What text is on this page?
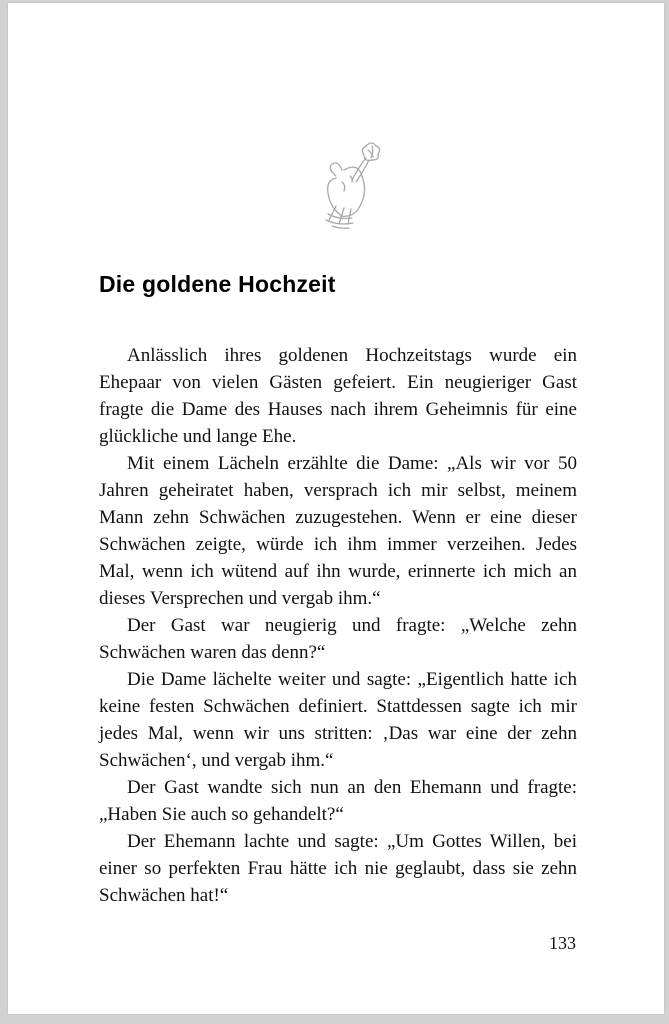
Die goldene Hochzeit

Anlässlich ihres goldenen Hochzeitstags wurde ein Ehepaar von vielen Gästen gefeiert. Ein neugieriger Gast fragte die Dame des Hauses nach ihrem Geheimnis für eine glückliche und lange Ehe.

Mit einem Lächeln erzählte die Dame: „Als wir vor 50 Jahren geheiratet haben, versprach ich mir selbst, meinem Mann zehn Schwächen zuzugestehen. Wenn er eine dieser Schwächen zeigte, würde ich ihm immer verzeihen. Jedes Mal, wenn ich wütend auf ihn wurde, erinnerte ich mich an dieses Versprechen und vergab ihm.“

Der Gast war neugierig und fragte: „Welche zehn Schwächen waren das denn?“

Die Dame lächelte weiter und sagte: „Eigentlich hatte ich keine festen Schwächen definiert. Stattdessen sagte ich mir jedes Mal, wenn wir uns stritten: ‚Das war eine der zehn Schwächen‘, und vergab ihm.“

Der Gast wandte sich nun an den Ehemann und fragte: „Haben Sie auch so gehandelt?“

Der Ehemann lachte und sagte: „Um Gottes Willen, bei einer so perfekten Frau hätte ich nie geglaubt, dass sie zehn Schwächen hat!“

133
